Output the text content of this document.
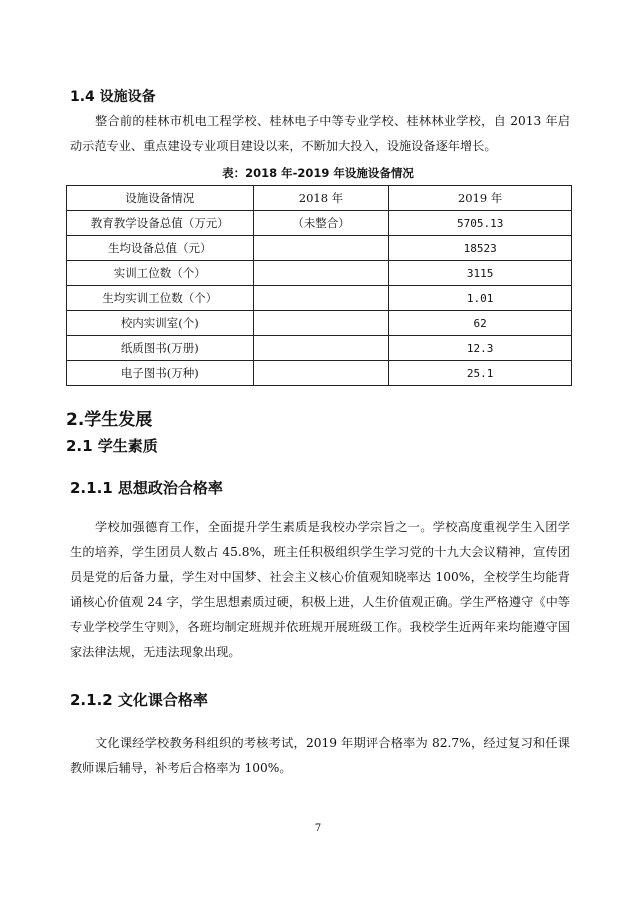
1.4 设施设备

整合前的桂林市机电工程学校、桂林电子中等专业学校、桂林林业学校，自 2013 年启动示范专业、重点建设专业项目建设以来，不断加大投入，设施设备逐年增长。

表：2018 年-2019 年设施设备情况
设施设备情况	2018 年	2019 年
教育教学设备总值（万元）	（未整合）	5705.13
生均设备总值（元）		18523
实训工位数（个）		3115
生均实训工位数（个）		1.01
校内实训室(个)		62
纸质图书(万册)		12.3
电子图书(万种)		25.1
2.学生发展
2.1 学生素质
2.1.1 思想政治合格率

学校加强德育工作，全面提升学生素质是我校办学宗旨之一。学校高度重视学生入团学生的培养，学生团员人数占 45.8%，班主任积极组织学生学习党的十九大会议精神，宣传团员是党的后备力量，学生对中国梦、社会主义核心价值观知晓率达 100%，全校学生均能背诵核心价值观 24 字，学生思想素质过硬，积极上进，人生价值观正确。学生严格遵守《中等专业学校学生守则》，各班均制定班规并依班规开展班级工作。我校学生近两年来均能遵守国家法律法规，无违法现象出现。

2.1.2 文化课合格率

文化课经学校教务科组织的考核考试，2019 年期评合格率为 82.7%，经过复习和任课教师课后辅导，补考后合格率为 100%。

7
